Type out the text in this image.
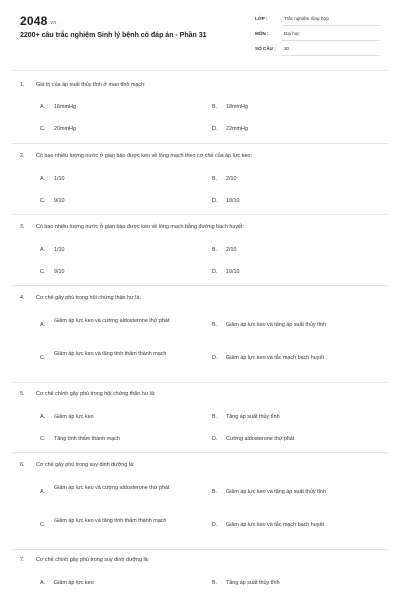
2048.vn
2200+ câu trắc nghiệm Sinh lý bệnh có đáp án - Phần 31
LỚP :	Trắc nghiệm tổng hợp
MÔN :	Đại học
SỐ CÂU : 30
1. Giá trị của áp suất thủy tĩnh ở mao tĩnh mạch:
A. 16mmHg	B. 18mmHg
C. 20mmHg	D. 22mmHg
2. Có bao nhiêu lượng nước ở gian bào được kéo về lòng mạch theo cơ chế của áp lực keo:
A. 1/10	B. 2/10
C. 9/10	D. 10/10
3. Có bao nhiêu lượng nước ở gian bào được kéo về lòng mạch bằng đường bạch huyết:
A. 1/10	B. 2/10
C. 9/10	D. 10/10
4. Cơ chế gây phù trong hội chứng thận hư là:
A.
Giảm áp lực keo và cường aldosterone thứ phát
B. Giảm áp lực keo và tăng áp suất thủy tĩnh
C.
Giảm áp lực keo và tăng tính thấm thành mạch
D. Giảm áp lực keo và tắc mạch bạch huyết
5. Cơ chế chính gây phù trong hội chứng thận hư là:
A. Giảm áp lực keo	B. Tăng áp suất thủy tĩnh
C. Tăng tính thấm thành mạch	D. Cường aldosterone thứ phát
6. Cơ chế gây phù trong suy dinh dưỡng là:
A.
Giảm áp lực keo và cường aldosterone thứ phát
B. Giảm áp lực keo và tăng áp suất thủy tĩnh
C.
Giảm áp lực keo và tăng tính thấm thành mạch
D. Giảm áp lực keo và tắc mạch bạch huyết
7. Cơ chế chính gây phù trong suy dinh dưỡng là:
A. Giảm áp lực keo	B. Tăng áp suất thủy tĩnh
